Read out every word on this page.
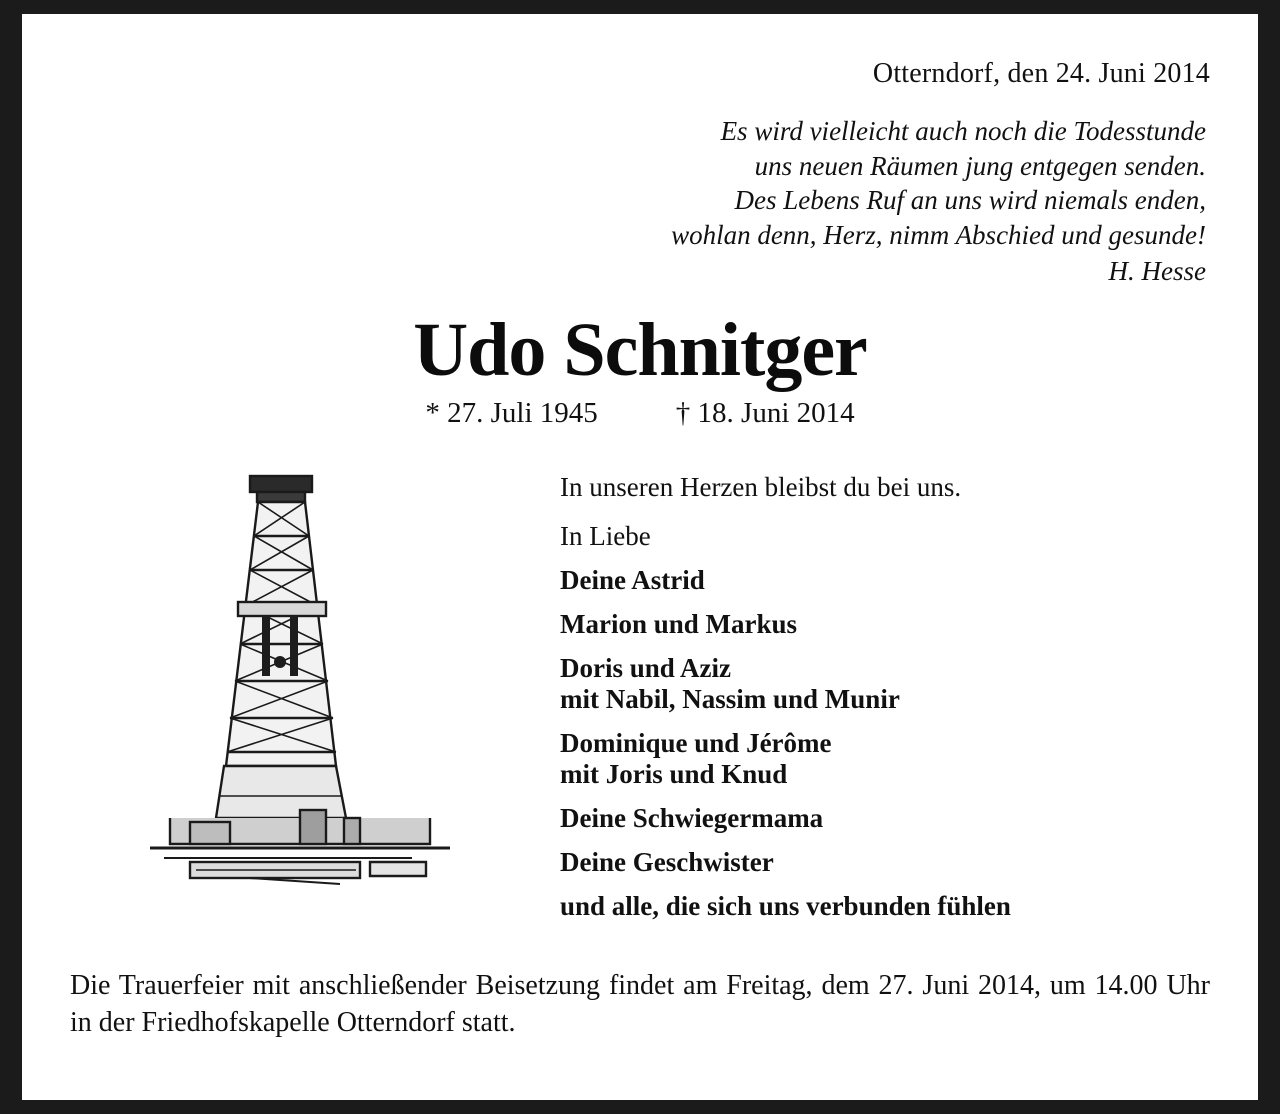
Otterndorf, den 24. Juni 2014
Es wird vielleicht auch noch die Todesstunde
uns neuen Räumen jung entgegen senden.
Des Lebens Ruf an uns wird niemals enden,
wohlan denn, Herz, nimm Abschied und gesunde!
H. Hesse
Udo Schnitger
* 27. Juli 1945	† 18. Juni 2014
In unseren Herzen bleibst du bei uns.
In Liebe
Deine Astrid
Marion und Markus
Doris und Aziz
mit Nabil, Nassim und Munir
Dominique und Jérôme
mit Joris und Knud
Deine Schwiegermama
Deine Geschwister
und alle, die sich uns verbunden fühlen
Die Trauerfeier mit anschließender Beisetzung findet am Freitag, dem 27. Juni 2014, um 14.00 Uhr in der Friedhofskapelle Otterndorf statt.
